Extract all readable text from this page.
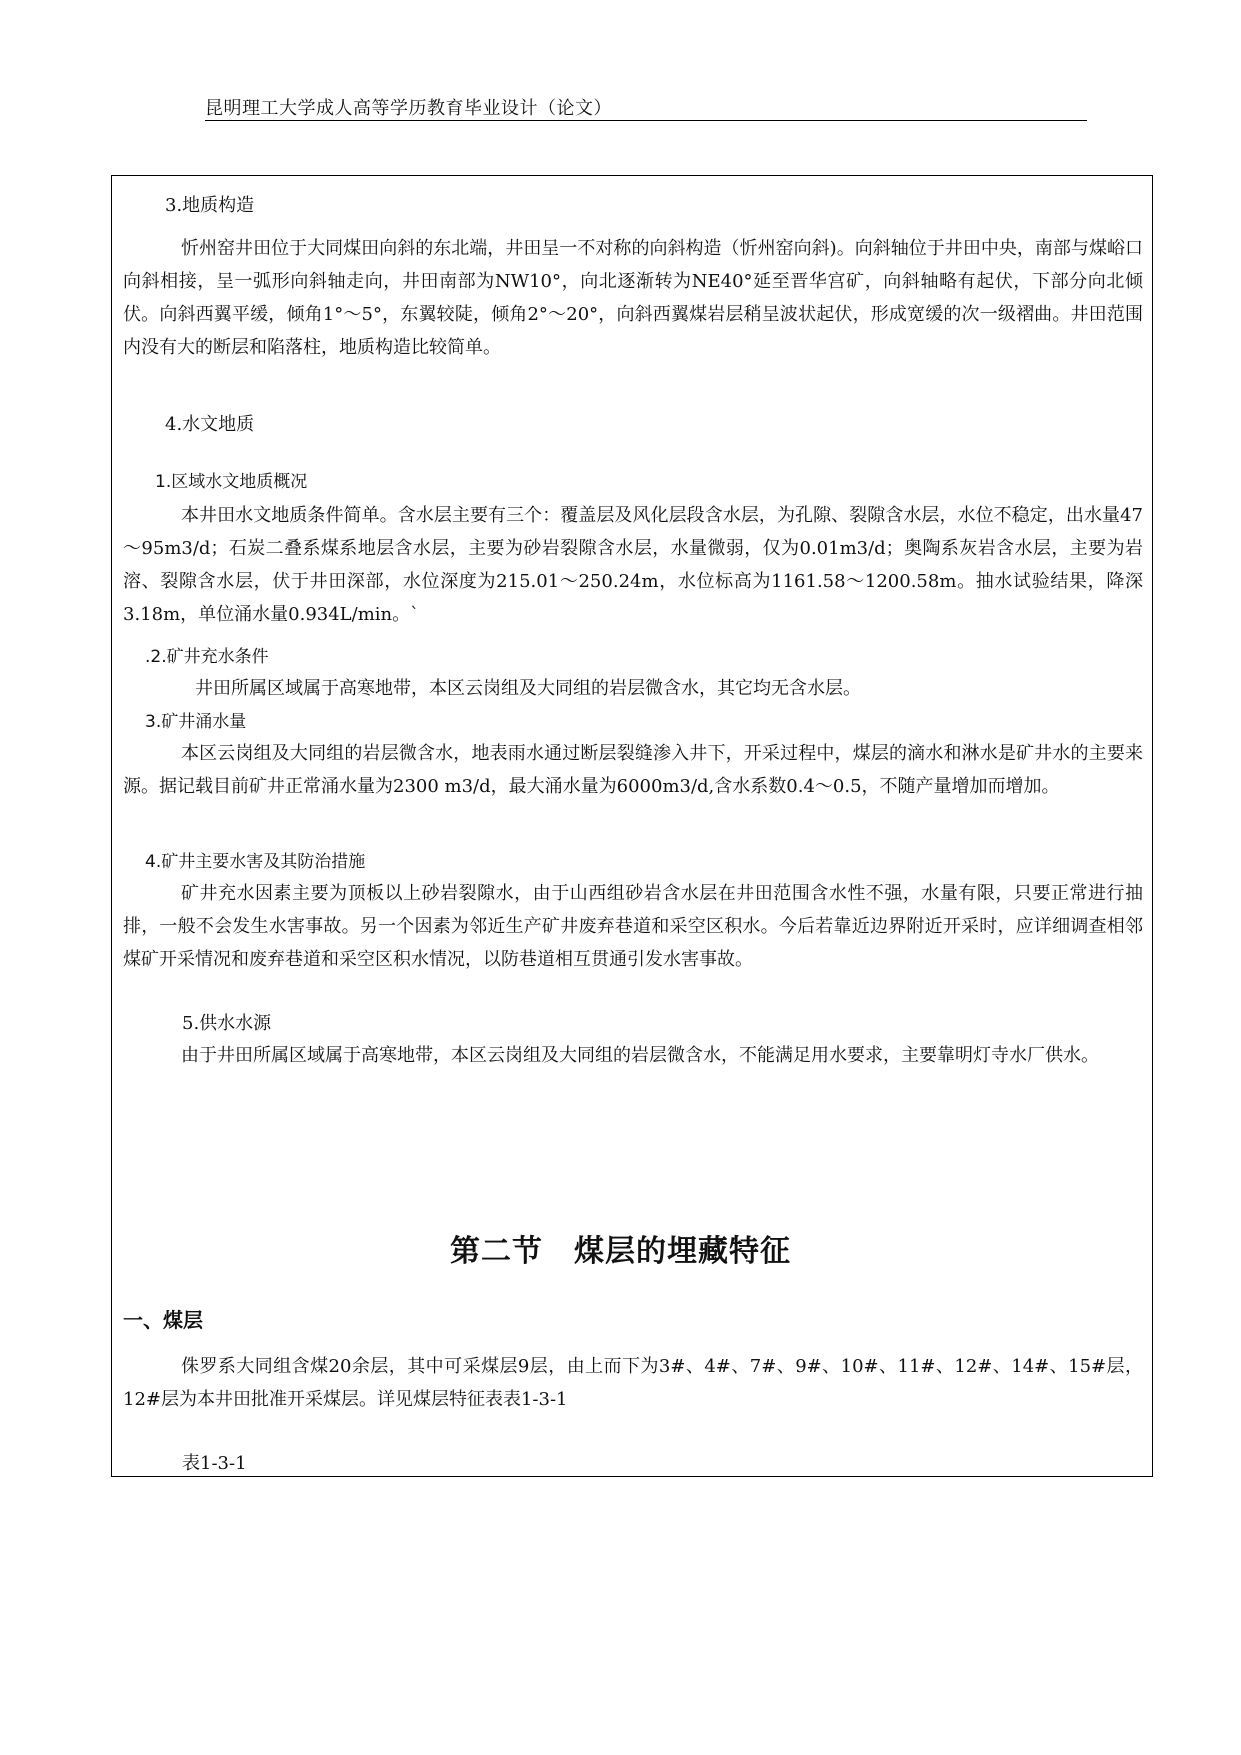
昆明理工大学成人高等学历教育毕业设计（论文）
3.地质构造
忻州窑井田位于大同煤田向斜的东北端，井田呈一不对称的向斜构造（忻州窑向斜)。向斜轴位于井田中央，南部与煤峪口向斜相接，呈一弧形向斜轴走向，井田南部为NW10°，向北逐渐转为NE40°延至晋华宫矿，向斜轴略有起伏，下部分向北倾伏。向斜西翼平缓，倾角1°～5°，东翼较陡，倾角2°～20°，向斜西翼煤岩层稍呈波状起伏，形成宽缓的次一级褶曲。井田范围内没有大的断层和陷落柱，地质构造比较简单。
4.水文地质
1.区域水文地质概况
本井田水文地质条件简单。含水层主要有三个：覆盖层及风化层段含水层，为孔隙、裂隙含水层，水位不稳定，出水量47～95m3/d；石炭二叠系煤系地层含水层，主要为砂岩裂隙含水层，水量微弱，仅为0.01m3/d；奥陶系灰岩含水层，主要为岩溶、裂隙含水层，伏于井田深部，水位深度为215.01～250.24m，水位标高为1161.58～1200.58m。抽水试验结果，降深3.18m，单位涌水量0.934L/min。`
.2.矿井充水条件
井田所属区域属于高寒地带，本区云岗组及大同组的岩层微含水，其它均无含水层。
3.矿井涌水量
本区云岗组及大同组的岩层微含水，地表雨水通过断层裂缝渗入井下，开采过程中，煤层的滴水和淋水是矿井水的主要来源。据记载目前矿井正常涌水量为2300 m3/d，最大涌水量为6000m3/d,含水系数0.4～0.5，不随产量增加而增加。
4.矿井主要水害及其防治措施
矿井充水因素主要为顶板以上砂岩裂隙水，由于山西组砂岩含水层在井田范围含水性不强，水量有限，只要正常进行抽排，一般不会发生水害事故。另一个因素为邻近生产矿井废弃巷道和采空区积水。今后若靠近边界附近开采时，应详细调查相邻煤矿开采情况和废弃巷道和采空区积水情况，以防巷道相互贯通引发水害事故。
5.供水水源
由于井田所属区域属于高寒地带，本区云岗组及大同组的岩层微含水，不能满足用水要求，主要靠明灯寺水厂供水。
第二节　煤层的埋藏特征
一、煤层
侏罗系大同组含煤20余层，其中可采煤层9层，由上而下为3#、4#、7#、9#、10#、11#、12#、14#、15#层，12#层为本井田批准开采煤层。详见煤层特征表表1-3-1
表1-3-1
